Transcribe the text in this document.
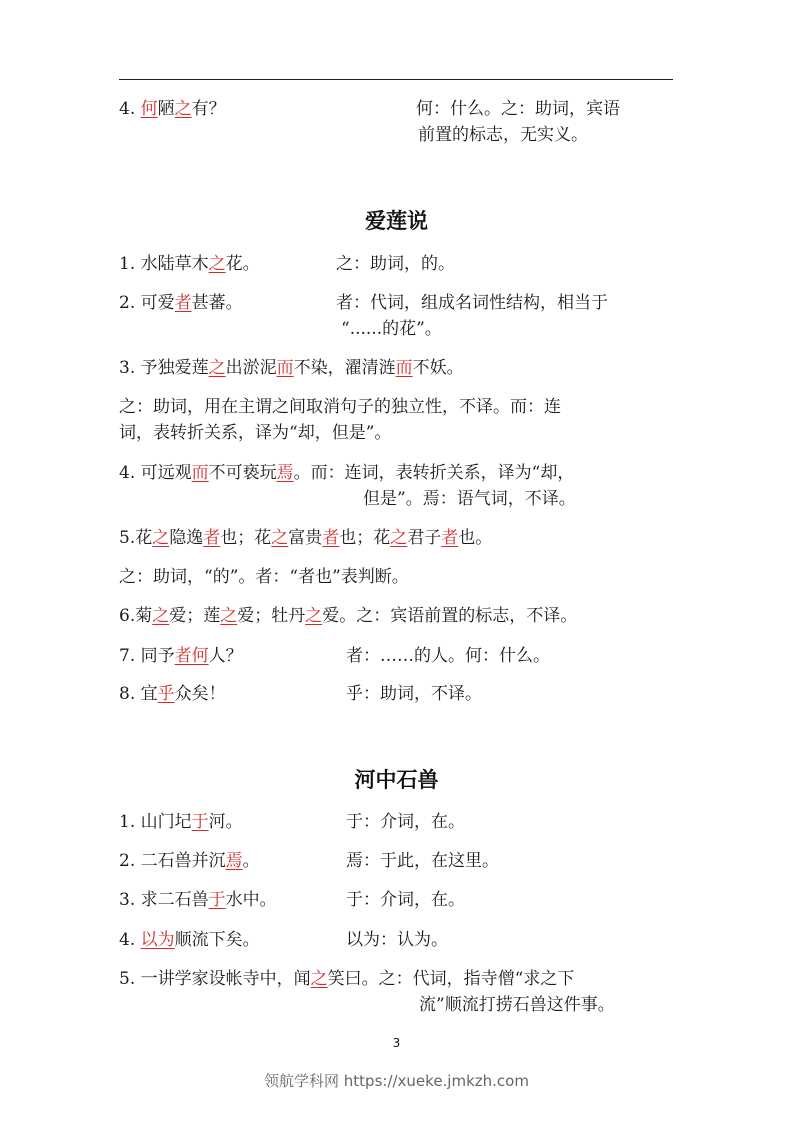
4. 何陋之有？	何：什么。之：助词，宾语
前置的标志，无实义。
爱莲说
1. 水陆草木之花。	之：助词，的。
2. 可爱者甚蕃。	者：代词，组成名词性结构，相当于
“......的花”。
3. 予独爱莲之出淤泥而不染，濯清涟而不妖。
之：助词，用在主谓之间取消句子的独立性，不译。而：连
词，表转折关系，译为“却，但是”。
4. 可远观而不可亵玩焉。而：连词，表转折关系，译为“却，
但是”。焉：语气词，不译。
5.花之隐逸者也；花之富贵者也；花之君子者也。
之：助词，“的”。者：“者也”表判断。
6.菊之爱；莲之爱；牡丹之爱。之：宾语前置的标志，不译。
7. 同予者何人？	者：……的人。何：什么。
8. 宜乎众矣！	乎：助词，不译。
河中石兽
1. 山门圮于河。	于：介词，在。
2. 二石兽并沉焉。	焉：于此，在这里。
3. 求二石兽于水中。	于：介词，在。
4. 以为顺流下矣。	以为：认为。
5. 一讲学家设帐寺中，闻之笑曰。之：代词，指寺僧“求之下
流”顺流打捞石兽这件事。
3
领航学科网 https://xueke.jmkzh.com
